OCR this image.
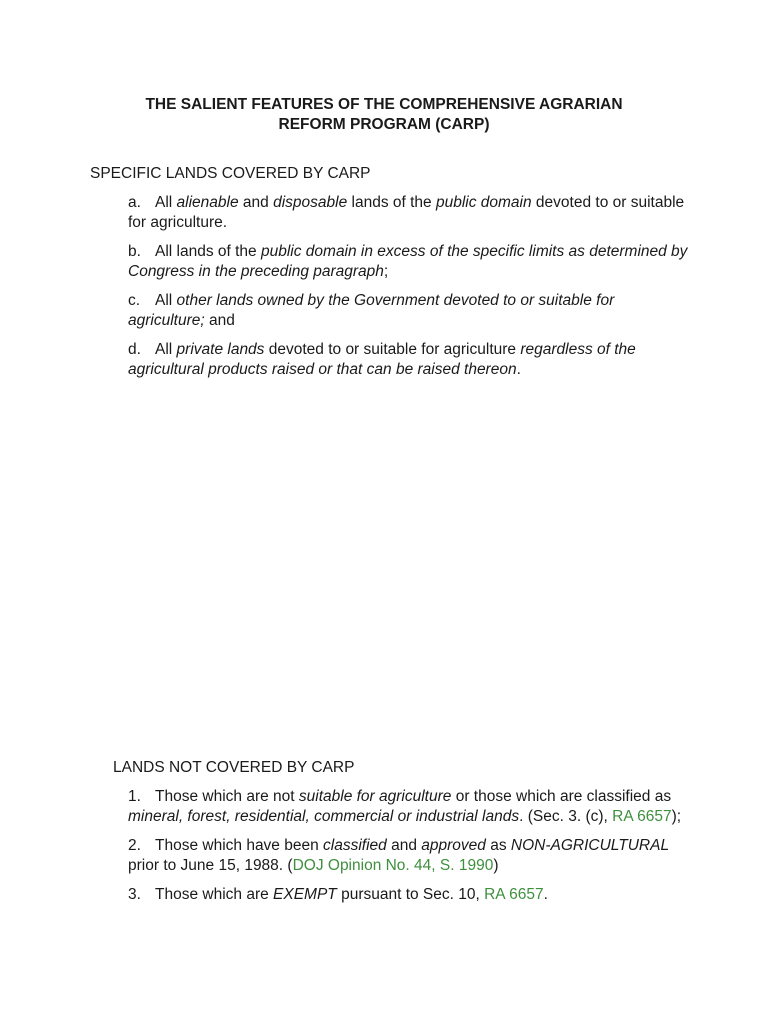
THE SALIENT FEATURES OF THE COMPREHENSIVE AGRARIAN
REFORM PROGRAM (CARP)
SPECIFIC LANDS COVERED BY CARP
a. All alienable and disposable lands of the public domain devoted to or suitable for agriculture.
b. All lands of the public domain in excess of the specific limits as determined by Congress in the preceding paragraph;
c. All other lands owned by the Government devoted to or suitable for agriculture; and
d. All private lands devoted to or suitable for agriculture regardless of the agricultural products raised or that can be raised thereon.
LANDS NOT COVERED BY CARP
1. Those which are not suitable for agriculture or those which are classified as mineral, forest, residential, commercial or industrial lands. (Sec. 3. (c), RA 6657);
2. Those which have been classified and approved as NON-AGRICULTURAL prior to June 15, 1988. (DOJ Opinion No. 44, S. 1990)
3. Those which are EXEMPT pursuant to Sec. 10, RA 6657.
